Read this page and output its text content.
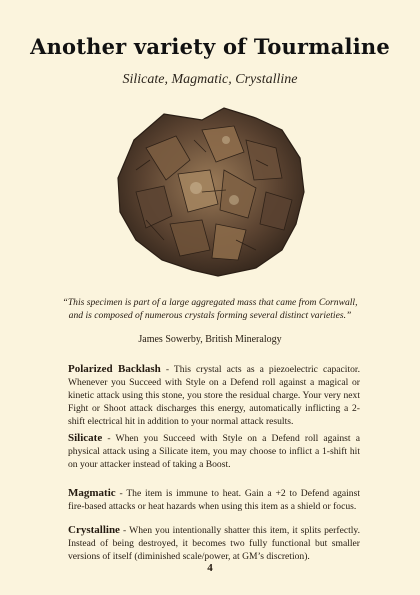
Another variety of Tourmaline
Silicate, Magmatic, Crystalline
“This specimen is part of a large aggregated mass that came from Cornwall, and is composed of numerous crystals forming several distinct varieties.”
James Sowerby, British Mineralogy
Polarized Backlash - This crystal acts as a piezoelectric capacitor. Whenever you Succeed with Style on a Defend roll against a magical or kinetic attack using this stone, you store the residual charge. Your very next Fight or Shoot attack discharges this energy, automatically inflicting a 2-shift electrical hit in addition to your normal attack results.
Silicate - When you Succeed with Style on a Defend roll against a physical attack using a Silicate item, you may choose to inflict a 1-shift hit on your attacker instead of taking a Boost.
Magmatic - The item is immune to heat. Gain a +2 to Defend against fire-based attacks or heat hazards when using this item as a shield or focus.
Crystalline - When you intentionally shatter this item, it splits perfectly. Instead of being destroyed, it becomes two fully functional but smaller versions of itself (diminished scale/power, at GM’s discretion).
4
